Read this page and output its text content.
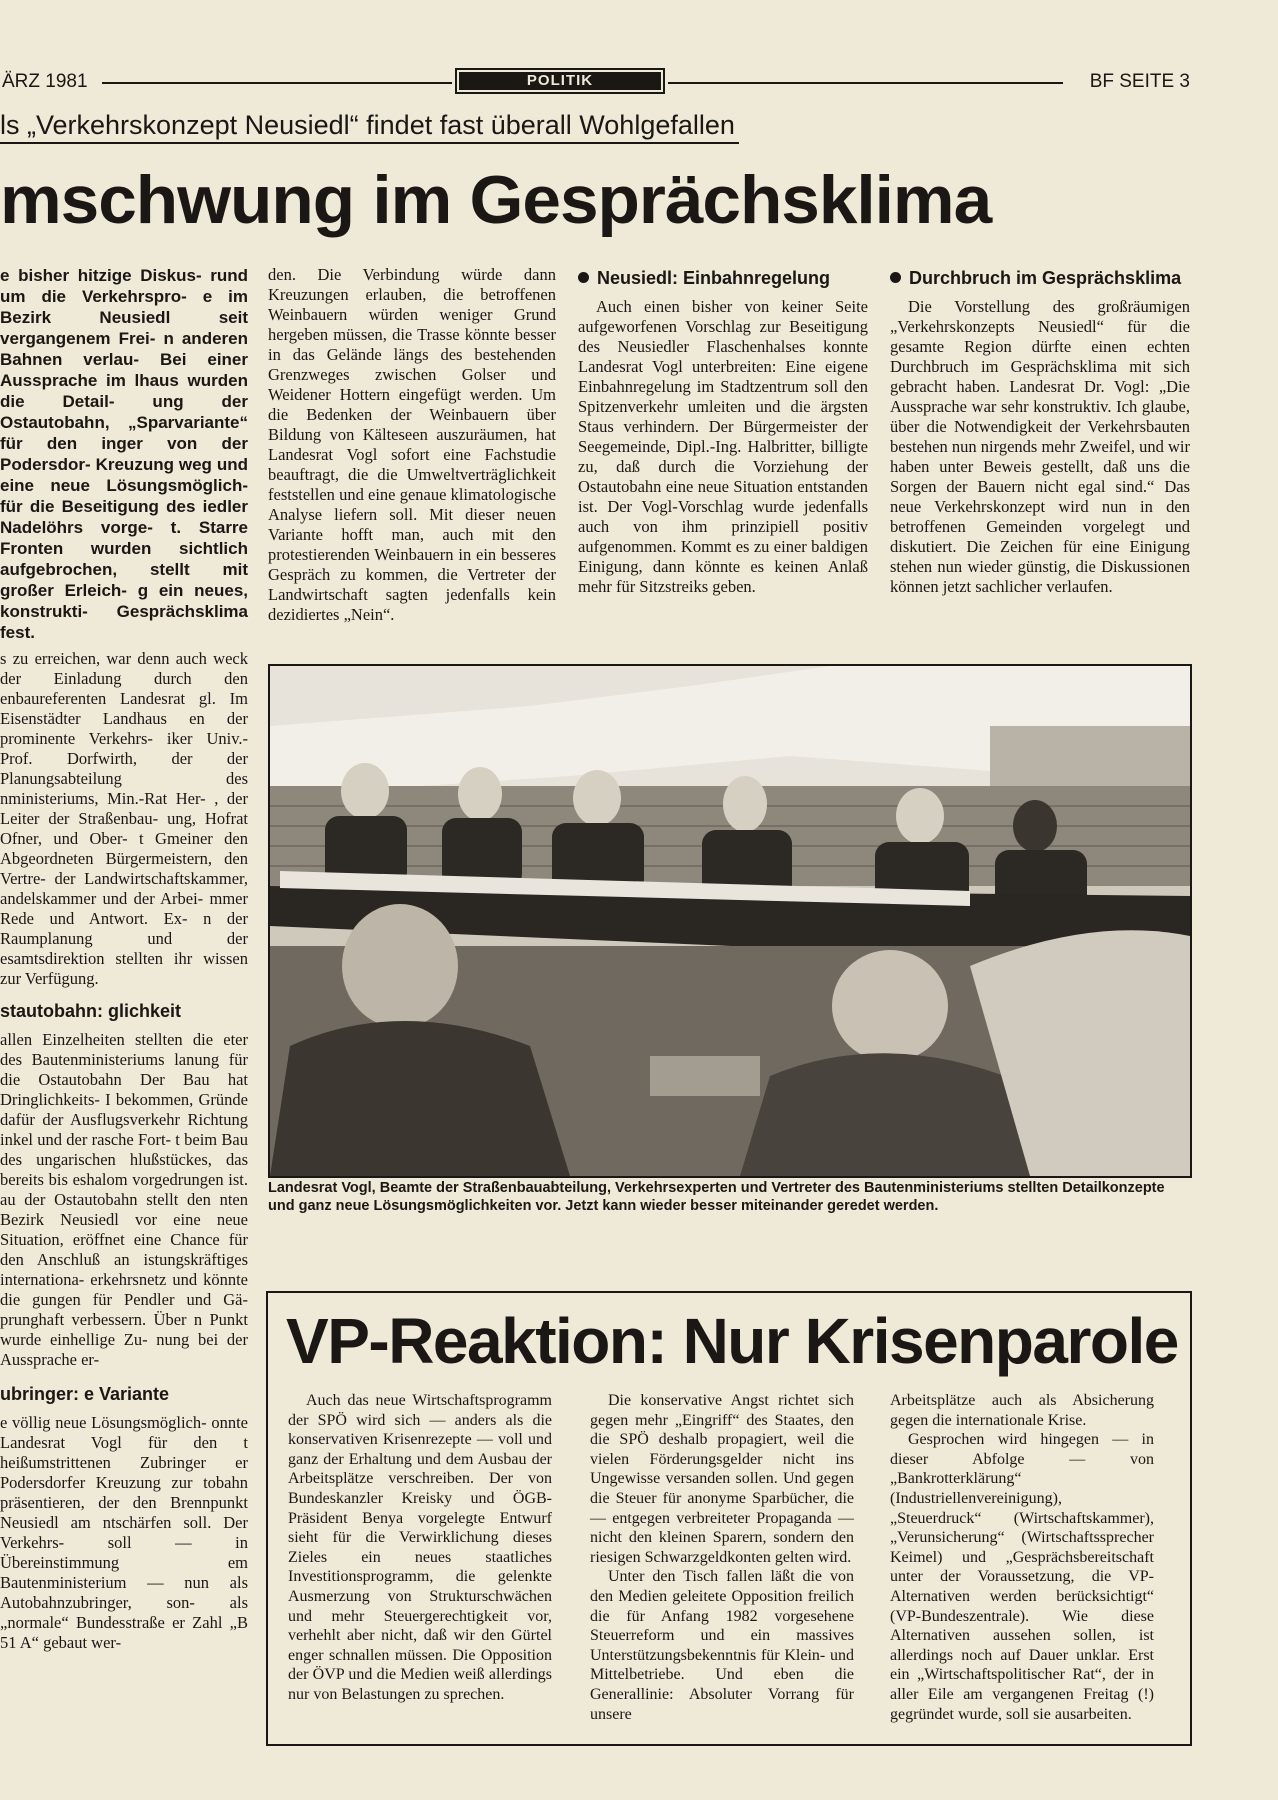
ÄRZ 1981	POLITIK	BF SEITE 3
ls „Verkehrskonzept Neusiedl“ findet fast überall Wohlgefallen
mschwung im Gesprächsklima

e bisher hitzige Diskus- rund um die Verkehrspro- e im Bezirk Neusiedl seit vergangenem Frei- n anderen Bahnen verlau- Bei einer Aussprache im lhaus wurden die Detail- ung der Ostautobahn, „Sparvariante“ für den inger von der Podersdor- Kreuzung weg und eine neue Lösungsmöglich- für die Beseitigung des iedler Nadelöhrs vorge- t. Starre Fronten wurden sichtlich aufgebrochen, stellt mit großer Erleich- g ein neues, konstrukti- Gesprächsklima fest.

s zu erreichen, war denn auch weck der Einladung durch den enbaureferenten Landesrat gl. Im Eisenstädter Landhaus en der prominente Verkehrs- iker Univ.-Prof. Dorfwirth, der der Planungsabteilung des nministeriums, Min.-Rat Her- , der Leiter der Straßenbau- ung, Hofrat Ofner, und Ober- t Gmeiner den Abgeordneten Bürgermeistern, den Vertre- der Landwirtschaftskammer, andelskammer und der Arbei- mmer Rede und Antwort. Ex- n der Raumplanung und der esamtsdirektion stellten ihr wissen zur Verfügung.

stautobahn: glichkeit

allen Einzelheiten stellten die eter des Bautenministeriums lanung für die Ostautobahn Der Bau hat Dringlichkeits- I bekommen, Gründe dafür der Ausflugsverkehr Richtung inkel und der rasche Fort- t beim Bau des ungarischen hlußstückes, das bereits bis eshalom vorgedrungen ist. au der Ostautobahn stellt den nten Bezirk Neusiedl vor eine neue Situation, eröffnet eine Chance für den Anschluß an istungskräftiges internationa- erkehrsnetz und könnte die gungen für Pendler und Gä- prunghaft verbessern. Über n Punkt wurde einhellige Zu- nung bei der Aussprache er-

ubringer: e Variante

e völlig neue Lösungsmöglich- onnte Landesrat Vogl für den t heißumstrittenen Zubringer er Podersdorfer Kreuzung zur tobahn präsentieren, der den Brennpunkt Neusiedl am ntschärfen soll. Der Verkehrs- soll — in Übereinstimmung em Bautenministerium — nun als Autobahnzubringer, son- als „normale“ Bundesstraße er Zahl „B 51 A“ gebaut wer-

den. Die Verbindung würde dann Kreuzungen erlauben, die betroffenen Weinbauern würden weniger Grund hergeben müssen, die Trasse könnte besser in das Gelände längs des bestehenden Grenzweges zwischen Golser und Weidener Hottern eingefügt werden. Um die Bedenken der Weinbauern über Bildung von Kälteseen auszuräumen, hat Landesrat Vogl sofort eine Fachstudie beauftragt, die die Umweltverträglichkeit feststellen und eine genaue klimatologische Analyse liefern soll. Mit dieser neuen Variante hofft man, auch mit den protestierenden Weinbauern in ein besseres Gespräch zu kommen, die Vertreter der Landwirtschaft sagten jedenfalls kein dezidiertes „Nein“.

Neusiedl: Einbahnregelung

Auch einen bisher von keiner Seite aufgeworfenen Vorschlag zur Beseitigung des Neusiedler Flaschenhalses konnte Landesrat Vogl unterbreiten: Eine eigene Einbahnregelung im Stadtzentrum soll den Spitzenverkehr umleiten und die ärgsten Staus verhindern. Der Bürgermeister der Seegemeinde, Dipl.-Ing. Halbritter, billigte zu, daß durch die Vorziehung der Ostautobahn eine neue Situation entstanden ist. Der Vogl-Vorschlag wurde jedenfalls auch von ihm prinzipiell positiv aufgenommen. Kommt es zu einer baldigen Einigung, dann könnte es keinen Anlaß mehr für Sitzstreiks geben.

Durchbruch im Gesprächsklima

Die Vorstellung des großräumigen „Verkehrskonzepts Neusiedl“ für die gesamte Region dürfte einen echten Durchbruch im Gesprächsklima mit sich gebracht haben. Landesrat Dr. Vogl: „Die Aussprache war sehr konstruktiv. Ich glaube, über die Notwendigkeit der Verkehrsbauten bestehen nun nirgends mehr Zweifel, und wir haben unter Beweis gestellt, daß uns die Sorgen der Bauern nicht egal sind.“ Das neue Verkehrskonzept wird nun in den betroffenen Gemeinden vorgelegt und diskutiert. Die Zeichen für eine Einigung stehen nun wieder günstig, die Diskussionen können jetzt sachlicher verlaufen.

Landesrat Vogl, Beamte der Straßenbauabteilung, Verkehrsexperten und Vertreter des Bautenministeriums stellten Detailkonzepte und ganz neue Lösungsmöglichkeiten vor. Jetzt kann wieder besser miteinander geredet werden.
VP-Reaktion: Nur Krisenparole

Auch das neue Wirtschaftsprogramm der SPÖ wird sich — anders als die konservativen Krisenrezepte — voll und ganz der Erhaltung und dem Ausbau der Arbeitsplätze verschreiben. Der von Bundeskanzler Kreisky und ÖGB-Präsident Benya vorgelegte Entwurf sieht für die Verwirklichung dieses Zieles ein neues staatliches Investitionsprogramm, die gelenkte Ausmerzung von Strukturschwächen und mehr Steuergerechtigkeit vor, verhehlt aber nicht, daß wir den Gürtel enger schnallen müssen. Die Opposition der ÖVP und die Medien weiß allerdings nur von Belastungen zu sprechen.

Die konservative Angst richtet sich gegen mehr „Eingriff“ des Staates, den die SPÖ deshalb propagiert, weil die vielen Förderungsgelder nicht ins Ungewisse versanden sollen. Und gegen die Steuer für anonyme Sparbücher, die — entgegen verbreiteter Propaganda — nicht den kleinen Sparern, sondern den riesigen Schwarzgeldkonten gelten wird.

Unter den Tisch fallen läßt die von den Medien geleitete Opposition freilich die für Anfang 1982 vorgesehene Steuerreform und ein massives Unterstützungsbekenntnis für Klein- und Mittelbetriebe. Und eben die Generallinie: Absoluter Vorrang für unsere

Arbeitsplätze auch als Absicherung gegen die internationale Krise.

Gesprochen wird hingegen — in dieser Abfolge — von „Bankrotterklärung“ (Industriellenvereinigung), „Steuerdruck“ (Wirtschaftskammer), „Verunsicherung“ (Wirtschaftssprecher Keimel) und „Gesprächsbereitschaft unter der Voraussetzung, die VP-Alternativen werden berücksichtigt“ (VP-Bundeszentrale). Wie diese Alternativen aussehen sollen, ist allerdings noch auf Dauer unklar. Erst ein „Wirtschaftspolitischer Rat“, der in aller Eile am vergangenen Freitag (!) gegründet wurde, soll sie ausarbeiten.
